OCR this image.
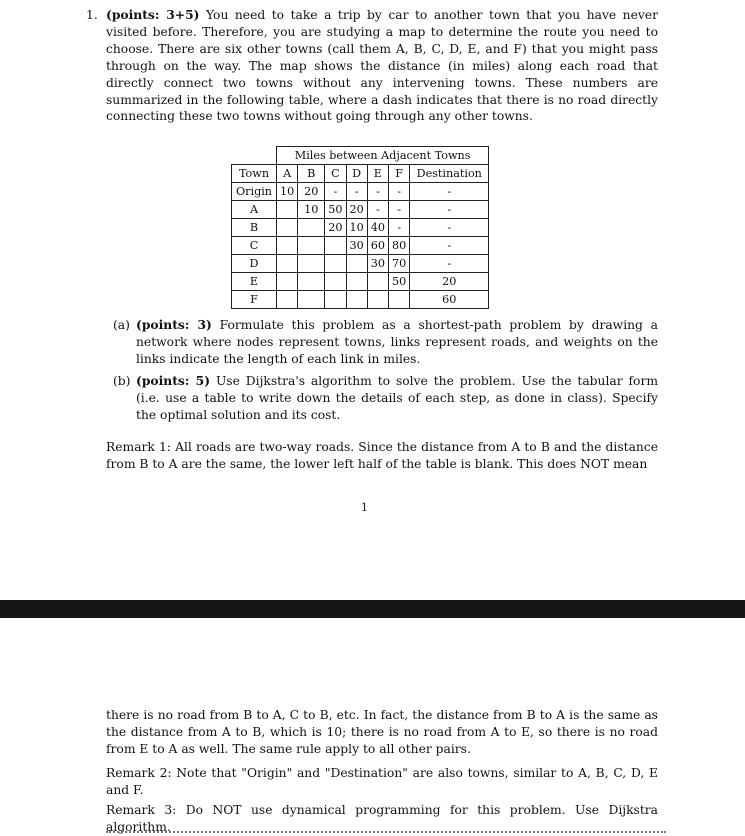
1. (points: 3+5) You need to take a trip by car to another town that you have never visited before. Therefore, you are studying a map to determine the route you need to choose. There are six other towns (call them A, B, C, D, E, and F) that you might pass through on the way. The map shows the distance (in miles) along each road that directly connect two towns without any intervening towns. These numbers are summarized in the following table, where a dash indicates that there is no road directly connecting these two towns without going through any other towns.

	Miles between Adjacent Towns						
Town	A	B	C	D	E	F	Destination
Origin	10	20	-	-	-	-	-
A		10	50	20	-	-	-
B			20	10	40	-	-
C				30	60	80	-
D					30	70	-
E						50	20
F							60

(a) (points: 3) Formulate this problem as a shortest-path problem by drawing a network where nodes represent towns, links represent roads, and weights on the links indicate the length of each link in miles.

(b) (points: 5) Use Dijkstra's algorithm to solve the problem. Use the tabular form (i.e. use a table to write down the details of each step, as done in class). Specify the optimal solution and its cost.

Remark 1: All roads are two-way roads. Since the distance from A to B and the distance from B to A are the same, the lower left half of the table is blank. This does NOT mean

1

there is no road from B to A, C to B, etc. In fact, the distance from B to A is the same as the distance from A to B, which is 10; there is no road from A to E, so there is no road from E to A as well. The same rule apply to all other pairs.

Remark 2: Note that "Origin" and "Destination" are also towns, similar to A, B, C, D, E and F.

Remark 3: Do NOT use dynamical programming for this problem. Use Dijkstra algorithm.
